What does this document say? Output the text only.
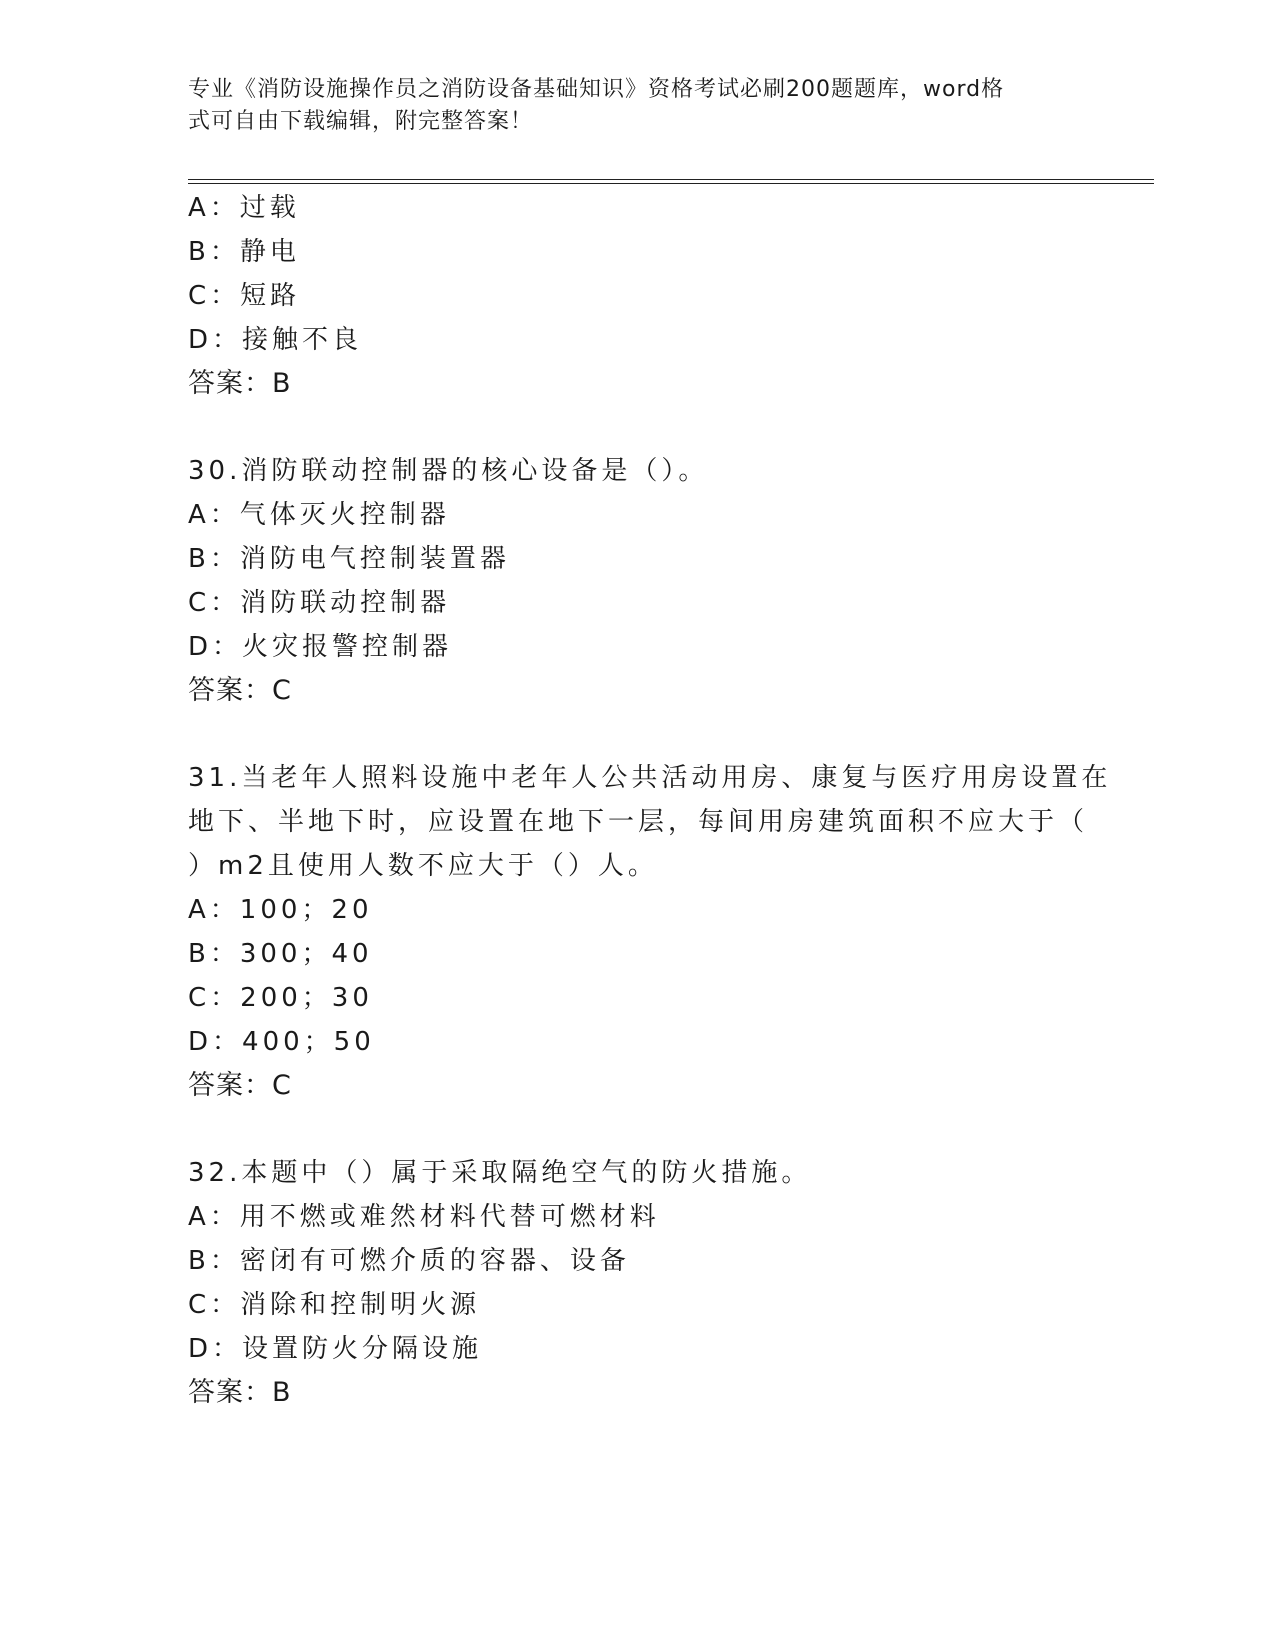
专业《消防设施操作员之消防设备基础知识》资格考试必刷200题题库，word格
式可自由下载编辑，附完整答案！
A：过载
B：静电
C：短路
D：接触不良
答案：B
30.消防联动控制器的核心设备是（）。
A：气体灭火控制器
B：消防电气控制装置器
C：消防联动控制器
D：火灾报警控制器
答案：C
31.当老年人照料设施中老年人公共活动用房、康复与医疗用房设置在
地下、半地下时，应设置在地下一层，每间用房建筑面积不应大于（
）m2且使用人数不应大于（）人。
A：100；20
B：300；40
C：200；30
D：400；50
答案：C
32.本题中（）属于采取隔绝空气的防火措施。
A：用不燃或难然材料代替可燃材料
B：密闭有可燃介质的容器、设备
C：消除和控制明火源
D：设置防火分隔设施
答案：B
